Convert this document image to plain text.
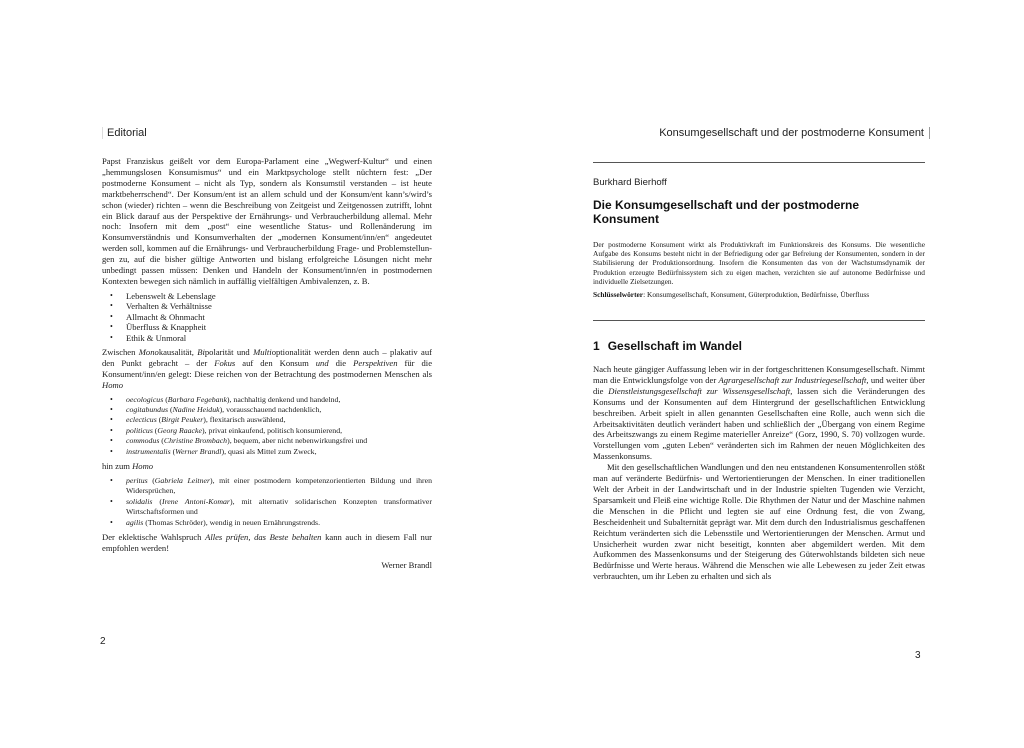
Editorial

Papst Franziskus geißelt vor dem Europa-Parlament eine „Wegwerf-Kultur“ und einen „hemmungslosen Konsumismus“ und ein Marktpsychologe stellt nüchtern fest: „Der postmoderne Konsument – nicht als Typ, sondern als Konsumstil verstanden – ist heute marktbeherrschend“. Der Konsum/ent ist an allem schuld und der Konsum/ent kann’s/wird’s schon (wieder) richten – wenn die Beschreibung von Zeitgeist und Zeitgenossen zutrifft, lohnt ein Blick darauf aus der Perspektive der Ernährungs- und Verbraucherbildung allemal. Mehr noch: Insofern mit dem „post“ eine wesentliche Status- und Rollenänderung im Konsumverständnis und Konsumverhalten der „modernen Konsument/inn/en“ angedeutet werden soll, kommen auf die Ernährungs- und Verbraucherbildung Frage- und Problemstellungen zu, auf die bisher gültige Antworten und bislang erfolgreiche Lösungen nicht mehr unbedingt passen müssen: Denken und Handeln der Konsument/inn/en in postmodernen Kontexten bewegen sich nämlich in auffällig vielfältigen Ambivalenzen, z. B.

• Lebenswelt & Lebenslage
• Verhalten & Verhältnisse
• Allmacht & Ohnmacht
• Überfluss & Knappheit
• Ethik & Unmoral

Zwischen Monokausalität, Bipolarität und Multioptionalität werden denn auch – plakativ auf den Punkt gebracht – der Fokus auf den Konsum und die Perspektiven für die Konsument/inn/en gelegt: Diese reichen von der Betrachtung des postmodernen Menschen als Homo

• oecologicus (Barbara Fegebank), nachhaltig denkend und handelnd,
• cogitabundus (Nadine Heiduk), vorausschauend nachdenklich,
• eclecticus (Birgit Peuker), flexitarisch auswählend,
• politicus (Georg Raacke), privat einkaufend, politisch konsumierend,
• commodus (Christine Brombach), bequem, aber nicht nebenwirkungsfrei und
• instrumentalis (Werner Brandl), quasi als Mittel zum Zweck,

hin zum Homo

• peritus (Gabriela Leitner), mit einer postmodern kompetenzorientierten Bildung und ihren Widersprüchen,
• solidalis (Irene Antoni-Komar), mit alternativ solidarischen Konzepten transformativer Wirtschaftsformen und
• agilis (Thomas Schröder), wendig in neuen Ernährungstrends.

Der eklektische Wahlspruch Alles prüfen, das Beste behalten kann auch in diesem Fall nur empfohlen werden!

Werner Brandl

2
Konsumgesellschaft und der postmoderne Konsument
Burkhard Bierhoff
Die Konsumgesellschaft und der postmoderne Konsument

Der postmoderne Konsument wirkt als Produktivkraft im Funktionskreis des Konsums. Die wesentliche Aufgabe des Konsums besteht nicht in der Befriedigung oder gar Befreiung der Konsumenten, sondern in der Stabilisierung der Produktionsordnung. Insofern die Konsumenten das von der Wachstumsdynamik der Produktion erzeugte Bedürfnissystem sich zu eigen machen, verzichten sie auf autonome Bedürfnisse und individuelle Zielsetzungen.

Schlüsselwörter: Konsumgesellschaft, Konsument, Güterproduktion, Bedürfnisse, Überfluss

1 Gesellschaft im Wandel

Nach heute gängiger Auffassung leben wir in der fortgeschrittenen Konsumgesellschaft. Nimmt man die Entwicklungsfolge von der Agrargesellschaft zur Industriegesellschaft, und weiter über die Dienstleistungsgesellschaft zur Wissensgesellschaft, lassen sich die Veränderungen des Konsums und der Konsumenten auf dem Hintergrund der gesellschaftlichen Entwicklung beschreiben. Arbeit spielt in allen genannten Gesellschaften eine Rolle, auch wenn sich die Arbeitsaktivitäten deutlich verändert haben und schließlich der „Übergang von einem Regime des Arbeitszwangs zu einem Regime materieller Anreize“ (Gorz, 1990, S. 70) vollzogen wurde. Vorstellungen vom „guten Leben“ veränderten sich im Rahmen der neuen Möglichkeiten des Massenkonsums.

Mit den gesellschaftlichen Wandlungen und den neu entstandenen Konsumentenrollen stößt man auf veränderte Bedürfnis- und Wertorientierungen der Menschen. In einer traditionellen Welt der Arbeit in der Landwirtschaft und in der Industrie spielten Tugenden wie Verzicht, Sparsamkeit und Fleiß eine wichtige Rolle. Die Rhythmen der Natur und der Maschine nahmen die Menschen in die Pflicht und legten sie auf eine Ordnung fest, die von Zwang, Bescheidenheit und Subalternität geprägt war. Mit dem durch den Industrialismus geschaffenen Reichtum veränderten sich die Lebensstile und Wertorientierungen der Menschen. Armut und Unsicherheit wurden zwar nicht beseitigt, konnten aber abgemildert werden. Mit dem Aufkommen des Massenkonsums und der Steigerung des Güterwohlstands bildeten sich neue Bedürfnisse und Werte heraus. Während die Menschen wie alle Lebewesen zu jeder Zeit etwas verbrauchten, um ihr Leben zu erhalten und sich als

3
